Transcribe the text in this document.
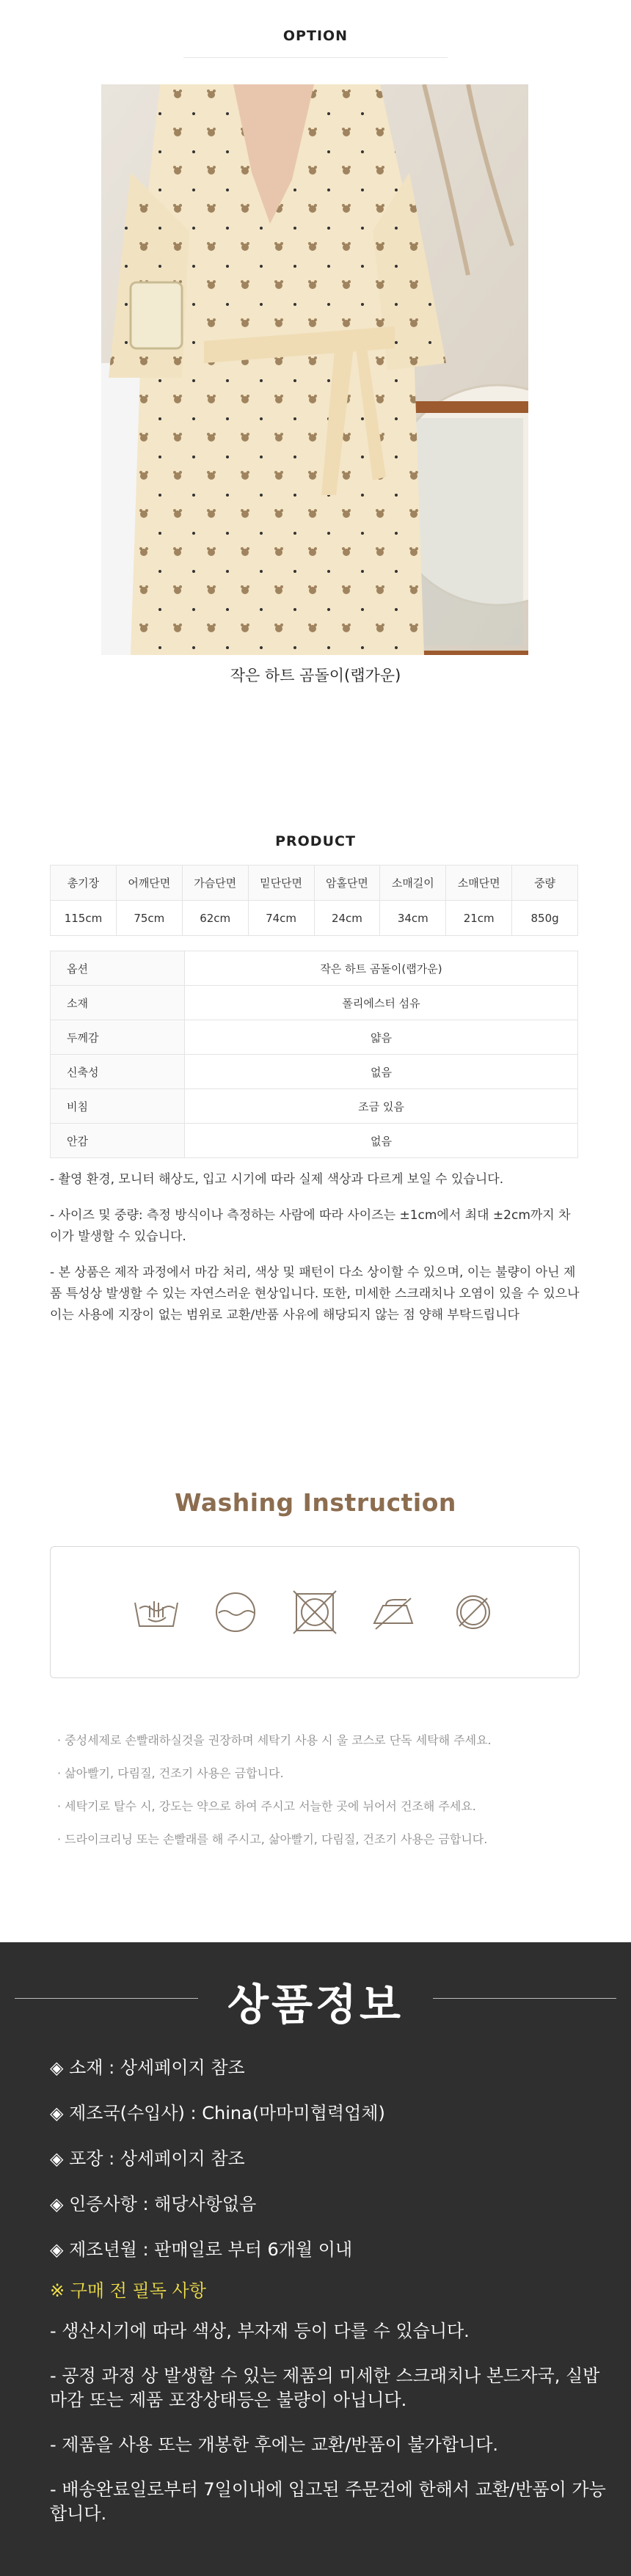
OPTION
작은 하트 곰돌이(랩가운)
PRODUCT
총기장	어깨단면	가슴단면	밑단단면	암홀단면	소매길이	소매단면	중량
115cm	75cm	62cm	74cm	24cm	34cm	21cm	850g
옵션	작은 하트 곰돌이(랩가운)
소재	폴리에스터 섬유
두께감	얇음
신축성	없음
비침	조금 있음
안감	없음

- 촬영 환경, 모니터 해상도, 입고 시기에 따라 실제 색상과 다르게 보일 수 있습니다.

- 사이즈 및 중량: 측정 방식이나 측정하는 사람에 따라 사이즈는 ±1cm에서 최대 ±2cm까지 차이가 발생할 수 있습니다.

- 본 상품은 제작 과정에서 마감 처리, 색상 및 패턴이 다소 상이할 수 있으며, 이는 불량이 아닌 제품 특성상 발생할 수 있는 자연스러운 현상입니다. 또한, 미세한 스크래치나 오염이 있을 수 있으나 이는 사용에 지장이 없는 범위로 교환/반품 사유에 해당되지 않는 점 양해 부탁드립니다

Washing Instruction
· 중성세제로 손빨래하실것을 권장하며 세탁기 사용 시 울 코스로 단독 세탁해 주세요.
· 삶아빨기, 다림질, 건조기 사용은 금합니다.
· 세탁기로 탈수 시, 강도는 약으로 하여 주시고 서늘한 곳에 뉘어서 건조해 주세요.
· 드라이크리닝 또는 손빨래를 해 주시고, 삶아빨기, 다림질, 건조기 사용은 금합니다.
상품정보
◈ 소재 : 상세페이지 참조
◈ 제조국(수입사) : China(마마미협력업체)
◈ 포장 : 상세페이지 참조
◈ 인증사항 : 해당사항없음
◈ 제조년월 : 판매일로 부터 6개월 이내
※ 구매 전 필독 사항

- 생산시기에 따라 색상, 부자재 등이 다를 수 있습니다.

- 공정 과정 상 발생할 수 있는 제품의 미세한 스크래치나 본드자국, 실밥 마감 또는 제품 포장상태등은 불량이 아닙니다.

- 제품을 사용 또는 개봉한 후에는 교환/반품이 불가합니다.

- 배송완료일로부터 7일이내에 입고된 주문건에 한해서 교환/반품이 가능합니다.
